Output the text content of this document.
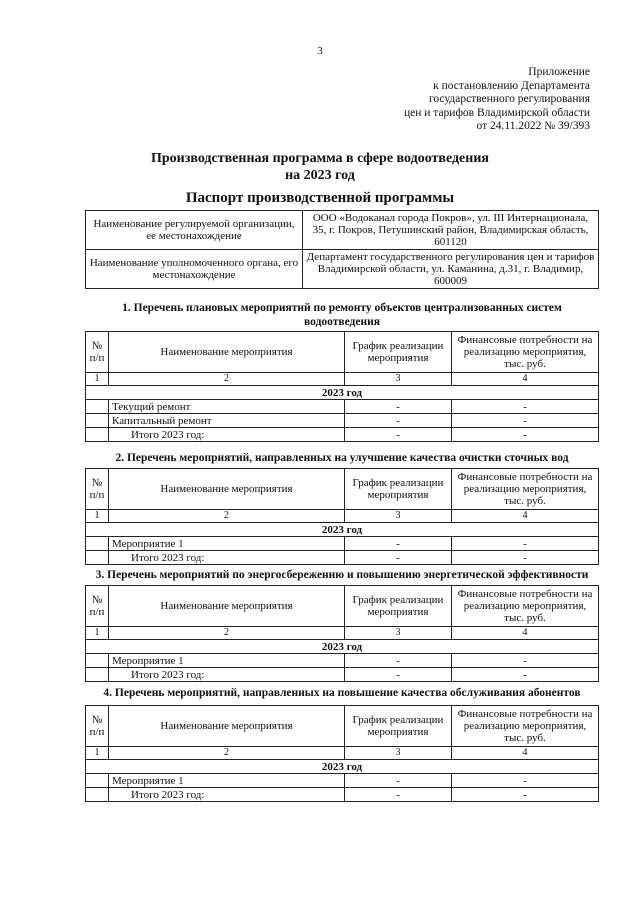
3
Приложение
к постановлению Департамента
государственного регулирования
цен и тарифов Владимирской области
от 24.11.2022 № 39/393
Производственная программа в сфере водоотведения
на 2023 год
Паспорт производственной программы
Наименование регулируемой организации, ее местонахождение	ООО «Водоканал города Покров», ул. III Интернационала, 35, г. Покров, Петушинский район, Владимирская область, 601120
Наименование уполномоченного органа, его местонахождение	Департамент государственного регулирования цен и тарифов Владимирской области, ул. Каманина, д.31, г. Владимир, 600009
1. Перечень плановых мероприятий по ремонту объектов централизованных систем водоотведения
№ п/п	Наименование мероприятия	График реализации мероприятия	Финансовые потребности на реализацию мероприятия, тыс. руб.
1	2	3	4
2023 год			
	Текущий ремонт	-	-
	Капитальный ремонт	-	-
	Итого 2023 год:	-	-
2. Перечень мероприятий, направленных на улучшение качества очистки сточных вод
№ п/п	Наименование мероприятия	График реализации мероприятия	Финансовые потребности на реализацию мероприятия, тыс. руб.
1	2	3	4
2023 год			
	Мероприятие 1	-	-
	Итого 2023 год:	-	-
3. Перечень мероприятий по энергосбережению и повышению энергетической эффективности
№ п/п	Наименование мероприятия	График реализации мероприятия	Финансовые потребности на реализацию мероприятия, тыс. руб.
1	2	3	4
2023 год			
	Мероприятие 1	-	-
	Итого 2023 год:	-	-
4. Перечень мероприятий, направленных на повышение качества обслуживания абонентов
№ п/п	Наименование мероприятия	График реализации мероприятия	Финансовые потребности на реализацию мероприятия, тыс. руб.
1	2	3	4
2023 год			
	Мероприятие 1	-	-
	Итого 2023 год:	-	-
